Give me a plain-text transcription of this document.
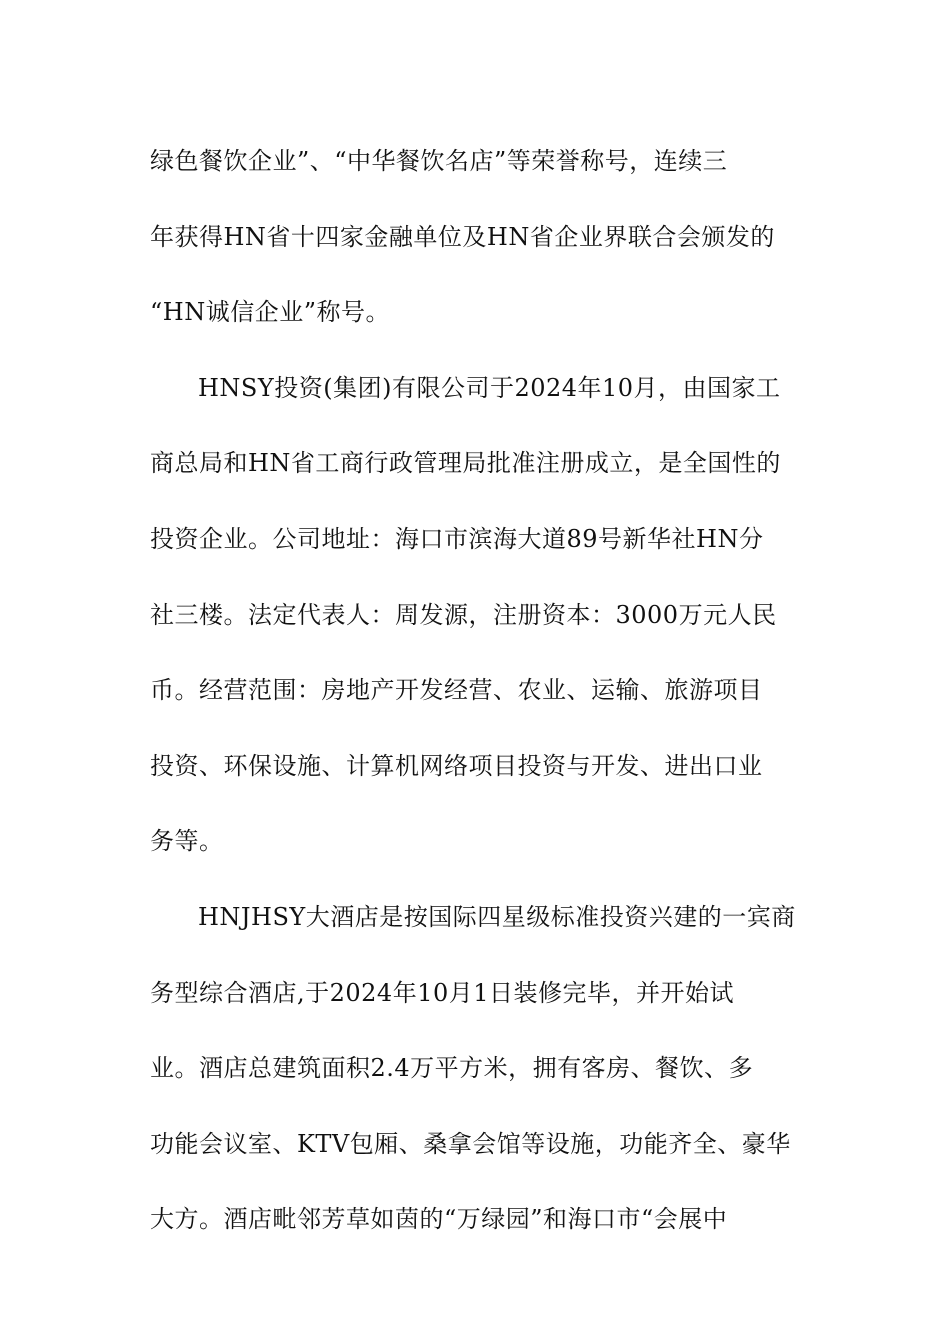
绿色餐饮企业”、“中华餐饮名店”等荣誉称号，连续三
年获得HN省十四家金融单位及HN省企业界联合会颁发的
“HN诚信企业”称号。
HNSY投资(集团)有限公司于2024年10月，由国家工
商总局和HN省工商行政管理局批准注册成立，是全国性的
投资企业。公司地址：海口市滨海大道89号新华社HN分
社三楼。法定代表人：周发源，注册资本：3000万元人民
币。经营范围：房地产开发经营、农业、运输、旅游项目
投资、环保设施、计算机网络项目投资与开发、进出口业
务等。
HNJHSY大酒店是按国际四星级标准投资兴建的一宾商
务型综合酒店,于2024年10月1日装修完毕，并开始试
业。酒店总建筑面积2.4万平方米，拥有客房、餐饮、多
功能会议室、KTV包厢、桑拿会馆等设施，功能齐全、豪华
大方。酒店毗邻芳草如茵的“万绿园”和海口市“会展中
